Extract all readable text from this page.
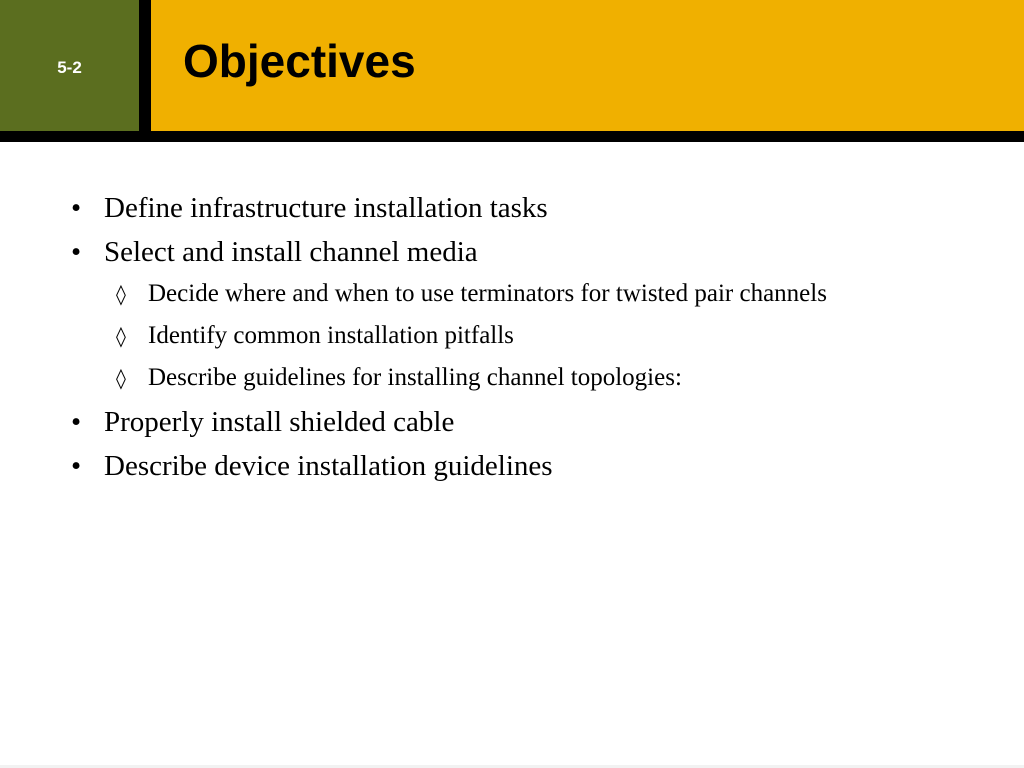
5-2	Objectives
• Define infrastructure installation tasks
• Select and install channel media
◊ Decide where and when to use terminators for twisted pair channels
◊ Identify common installation pitfalls
◊ Describe guidelines for installing channel topologies:
• Properly install shielded cable
• Describe device installation guidelines
